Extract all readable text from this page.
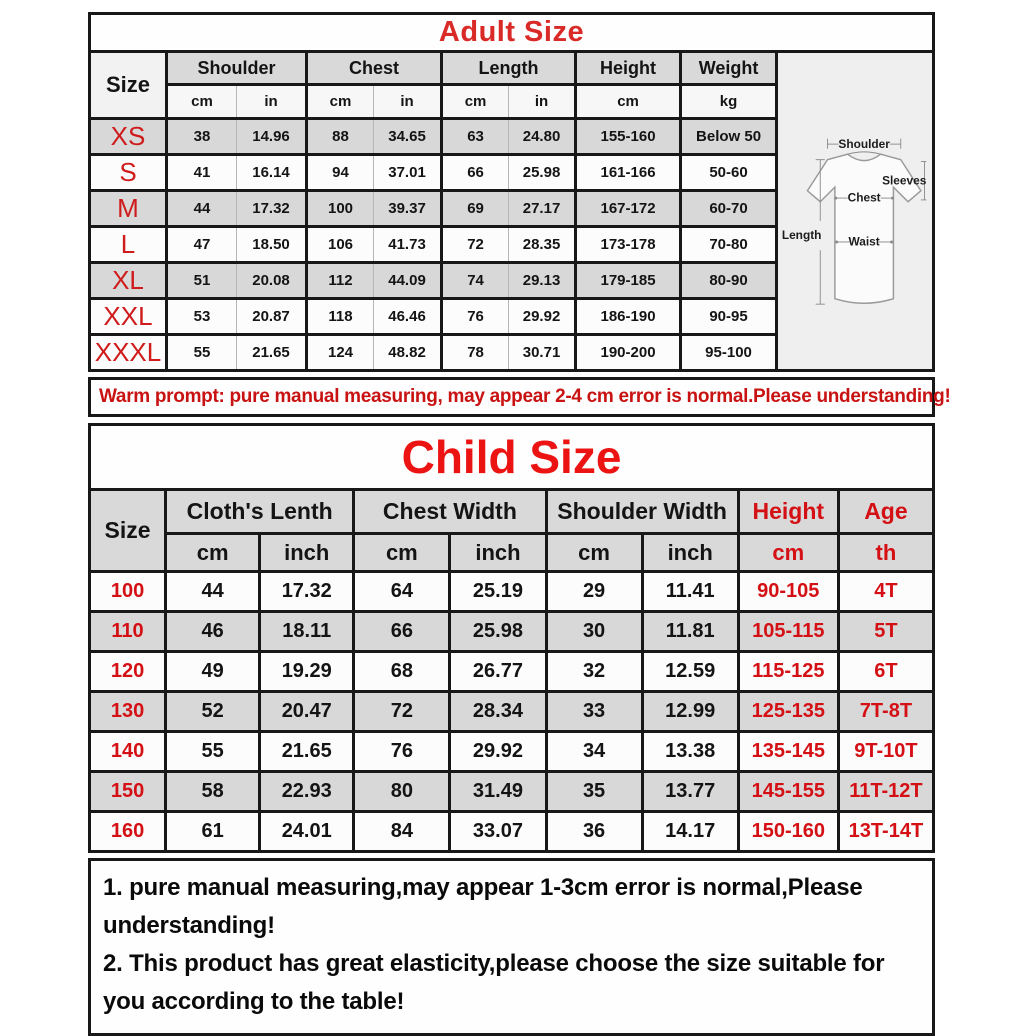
Adult Size
Size	Shoulder		Chest		Length		Height	Weight
	cm	in	cm	in	cm	in	cm	kg
XS	38	14.96	88	34.65	63	24.80	155-160	Below 50
S	41	16.14	94	37.01	66	25.98	161-166	50-60
M	44	17.32	100	39.37	69	27.17	167-172	60-70
L	47	18.50	106	41.73	72	28.35	173-178	70-80
XL	51	20.08	112	44.09	74	29.13	179-185	80-90
XXL	53	20.87	118	46.46	76	29.92	186-190	90-95
XXXL	55	21.65	124	48.82	78	30.71	190-200	95-100
Shoulder
Sleeves
Chest
Waist
Length
Warm prompt: pure manual measuring, may appear 2-4 cm error is normal.Please understanding!
Child Size
Size	Cloth's Lenth		Chest Width		Shoulder Width		Height	Age
	cm	inch	cm	inch	cm	inch	cm	th
100	44	17.32	64	25.19	29	11.41	90-105	4T
110	46	18.11	66	25.98	30	11.81	105-115	5T
120	49	19.29	68	26.77	32	12.59	115-125	6T
130	52	20.47	72	28.34	33	12.99	125-135	7T-8T
140	55	21.65	76	29.92	34	13.38	135-145	9T-10T
150	58	22.93	80	31.49	35	13.77	145-155	11T-12T
160	61	24.01	84	33.07	36	14.17	150-160	13T-14T
1. pure manual measuring,may appear 1-3cm error is normal,Please understanding!
2. This product has great elasticity,please choose the size suitable for you according to the table!
